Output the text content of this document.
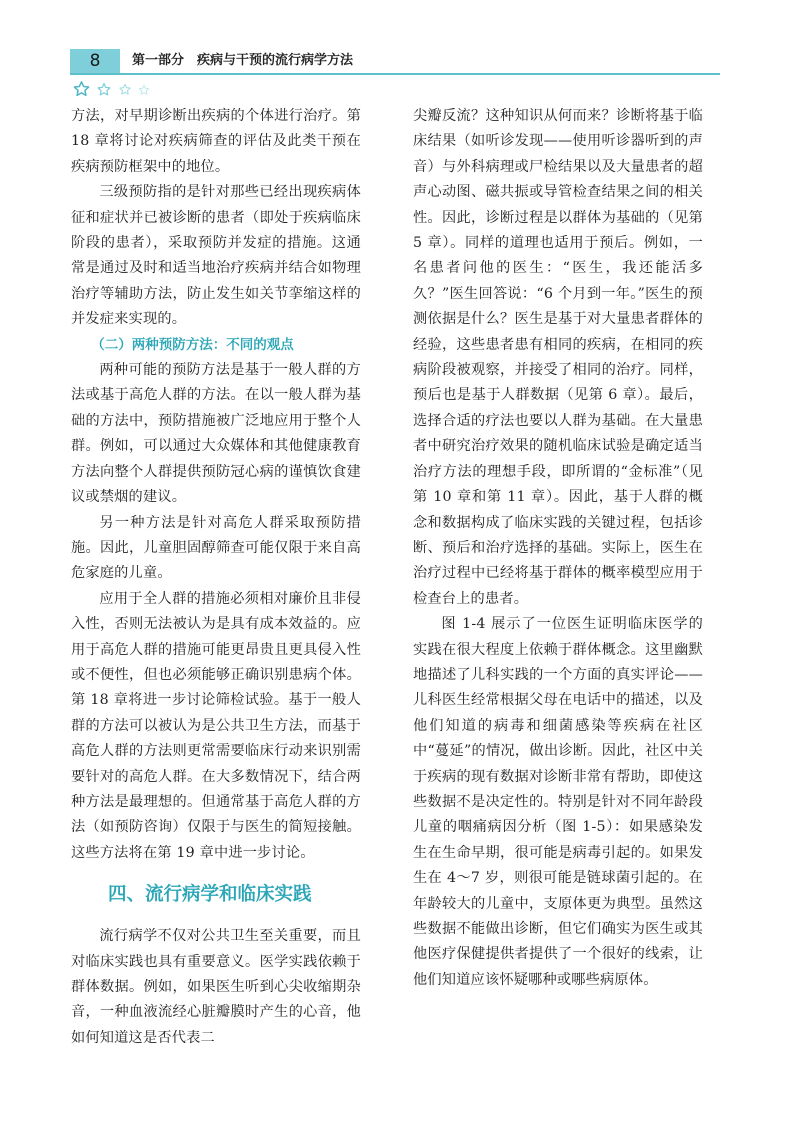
8	第一部分　疾病与干预的流行病学方法

方法，对早期诊断出疾病的个体进行治疗。第 18 章将讨论对疾病筛查的评估及此类干预在疾病预防框架中的地位。

三级预防指的是针对那些已经出现疾病体征和症状并已被诊断的患者（即处于疾病临床阶段的患者），采取预防并发症的措施。这通常是通过及时和适当地治疗疾病并结合如物理治疗等辅助方法，防止发生如关节挛缩这样的并发症来实现的。

（二）两种预防方法：不同的观点

两种可能的预防方法是基于一般人群的方法或基于高危人群的方法。在以一般人群为基础的方法中，预防措施被广泛地应用于整个人群。例如，可以通过大众媒体和其他健康教育方法向整个人群提供预防冠心病的谨慎饮食建议或禁烟的建议。

另一种方法是针对高危人群采取预防措施。因此，儿童胆固醇筛查可能仅限于来自高危家庭的儿童。

应用于全人群的措施必须相对廉价且非侵入性，否则无法被认为是具有成本效益的。应用于高危人群的措施可能更昂贵且更具侵入性或不便性，但也必须能够正确识别患病个体。第 18 章将进一步讨论筛检试验。基于一般人群的方法可以被认为是公共卫生方法，而基于高危人群的方法则更常需要临床行动来识别需要针对的高危人群。在大多数情况下，结合两种方法是最理想的。但通常基于高危人群的方法（如预防咨询）仅限于与医生的简短接触。这些方法将在第 19 章中进一步讨论。

四、流行病学和临床实践

流行病学不仅对公共卫生至关重要，而且对临床实践也具有重要意义。医学实践依赖于群体数据。例如，如果医生听到心尖收缩期杂音，一种血液流经心脏瓣膜时产生的心音，他如何知道这是否代表二

尖瓣反流？这种知识从何而来？诊断将基于临床结果（如听诊发现——使用听诊器听到的声音）与外科病理或尸检结果以及大量患者的超声心动图、磁共振或导管检查结果之间的相关性。因此，诊断过程是以群体为基础的（见第 5 章）。同样的道理也适用于预后。例如，一名患者问他的医生：“医生，我还能活多久？”医生回答说：“6 个月到一年。”医生的预测依据是什么？医生是基于对大量患者群体的经验，这些患者患有相同的疾病，在相同的疾病阶段被观察，并接受了相同的治疗。同样，预后也是基于人群数据（见第 6 章）。最后，选择合适的疗法也要以人群为基础。在大量患者中研究治疗效果的随机临床试验是确定适当治疗方法的理想手段，即所谓的“金标准”（见第 10 章和第 11 章）。因此，基于人群的概念和数据构成了临床实践的关键过程，包括诊断、预后和治疗选择的基础。实际上，医生在治疗过程中已经将基于群体的概率模型应用于检查台上的患者。

图 1-4 展示了一位医生证明临床医学的实践在很大程度上依赖于群体概念。这里幽默地描述了儿科实践的一个方面的真实评论——儿科医生经常根据父母在电话中的描述，以及他们知道的病毒和细菌感染等疾病在社区中“蔓延”的情况，做出诊断。因此，社区中关于疾病的现有数据对诊断非常有帮助，即使这些数据不是决定性的。特别是针对不同年龄段儿童的咽痛病因分析（图 1-5）：如果感染发生在生命早期，很可能是病毒引起的。如果发生在 4～7 岁，则很可能是链球菌引起的。在年龄较大的儿童中，支原体更为典型。虽然这些数据不能做出诊断，但它们确实为医生或其他医疗保健提供者提供了一个很好的线索，让他们知道应该怀疑哪种或哪些病原体。
